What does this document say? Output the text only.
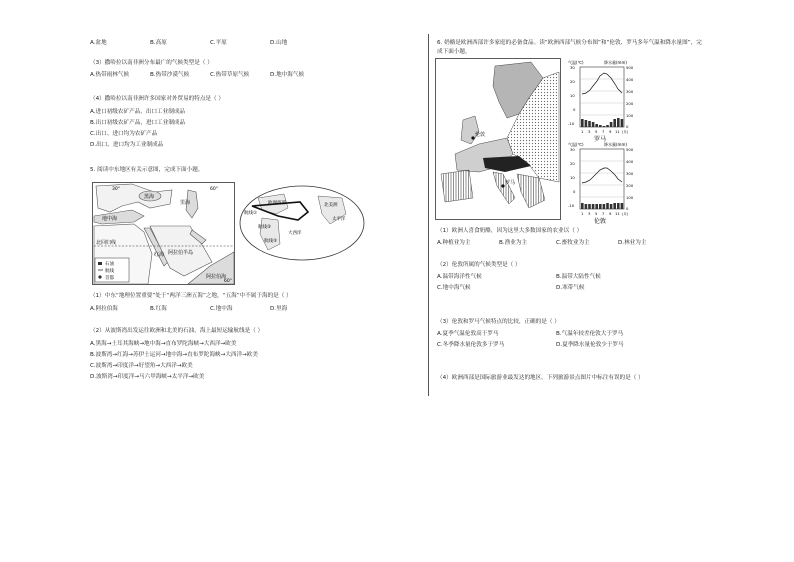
A.盆地	B.高原	C.平原	D.山地
（3）撒哈拉以南非洲分布最广的气候类型是（ ）
A.热带雨林气候	B.热带沙漠气候	C.热带草原气候	D.地中海气候
（4）撒哈拉以南非洲许多国家对外贸易的特点是（ ）
A.进口初级农矿产品，出口工业制成品
B.出口初级农矿产品，进口工业制成品
C.出口、进口均为农矿产品
D.出口、进口均为工业制成品
5. 阅读中东地区有关示意图，完成下面小题。
石油
航线
首都
黑海
里海
地中海
红海
北回归线
阿拉伯半岛
阿拉伯海
30°	60°
60°
欧洲西部	北美洲
太平洋
大西洋
航线①
航线②
航线③
（1）中东“地理位置重要”处于“两洋三洲五海”之地，“五海”中不属于海的是（ ）
A.阿拉伯海	B.红海	C.地中海	D.里海
（2）从波斯湾出发运往欧洲和北美的石油，海上最短运输航线是（ ）
A.黑海→土耳其海峡→地中海→直布罗陀海峡→大西洋→欧美
B.波斯湾→红海→苏伊士运河→地中海→直布罗陀海峡→大西洋→欧美
C.波斯湾→印度洋→好望角→大西洋→欧美
D.波斯湾→印度洋→马六甲海峡→太平洋→欧美
6. 奶酪是欧洲西部许多家庭的必备食品。读“欧洲西部气候分布图”和“伦敦、罗马多年气温和降水量图”，完
成下面小题。
伦敦
罗马
气温(℃)	降水量(mm)
30
20
10
0
-10
500
400
300
200
100
0
1 3 5 7 9 11 (月)
罗马
气温(℃)	降水量(mm)
30
20
10
0
-10
500
400
300
200
100
0
1 3 5 7 9 11 (月)
伦敦
（1）欧洲人喜食奶酪，因为这里大多数国家的农业以（ ）
A.种植业为主	B.渔业为主	C.畜牧业为主	D.林业为主
（2）伦敦所属的气候类型是（ ）
A.温带海洋性气候	B.温带大陆性气候
C.地中海气候	D.寒带气候
（3）伦敦和罗马气候特点的比较，正确的是（ ）
A.夏季气温伦敦高于罗马	B.气温年较差伦敦大于罗马
C.冬季降水量伦敦多于罗马	D.夏季降水量伦敦少于罗马
（4）欧洲西部是国际旅游业最发达的地区。下列旅游景点图片中标注有误的是（ ）
